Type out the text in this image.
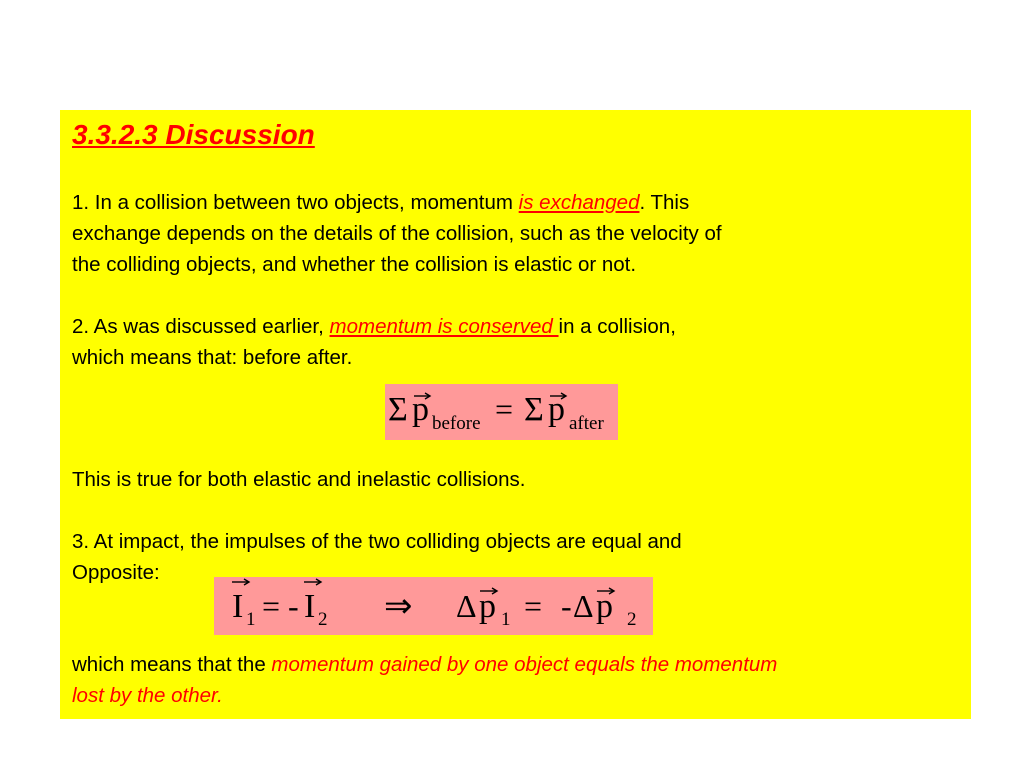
3.3.2.3 Discussion
1. In a collision between two objects, momentum is exchanged. This
exchange depends on the details of the collision, such as the velocity of
the colliding objects, and whether the collision is elastic or not.
2. As was discussed earlier, momentum is conserved in a collision,
which means that: before after.
Σ p before = Σ p after
This is true for both elastic and inelastic collisions.
3. At impact, the impulses of the two colliding objects are equal and
Opposite:
I 1 = - I 2 ⇒ Δ p 1 = - Δ p 2
which means that the momentum gained by one object equals the momentum
lost by the other.
